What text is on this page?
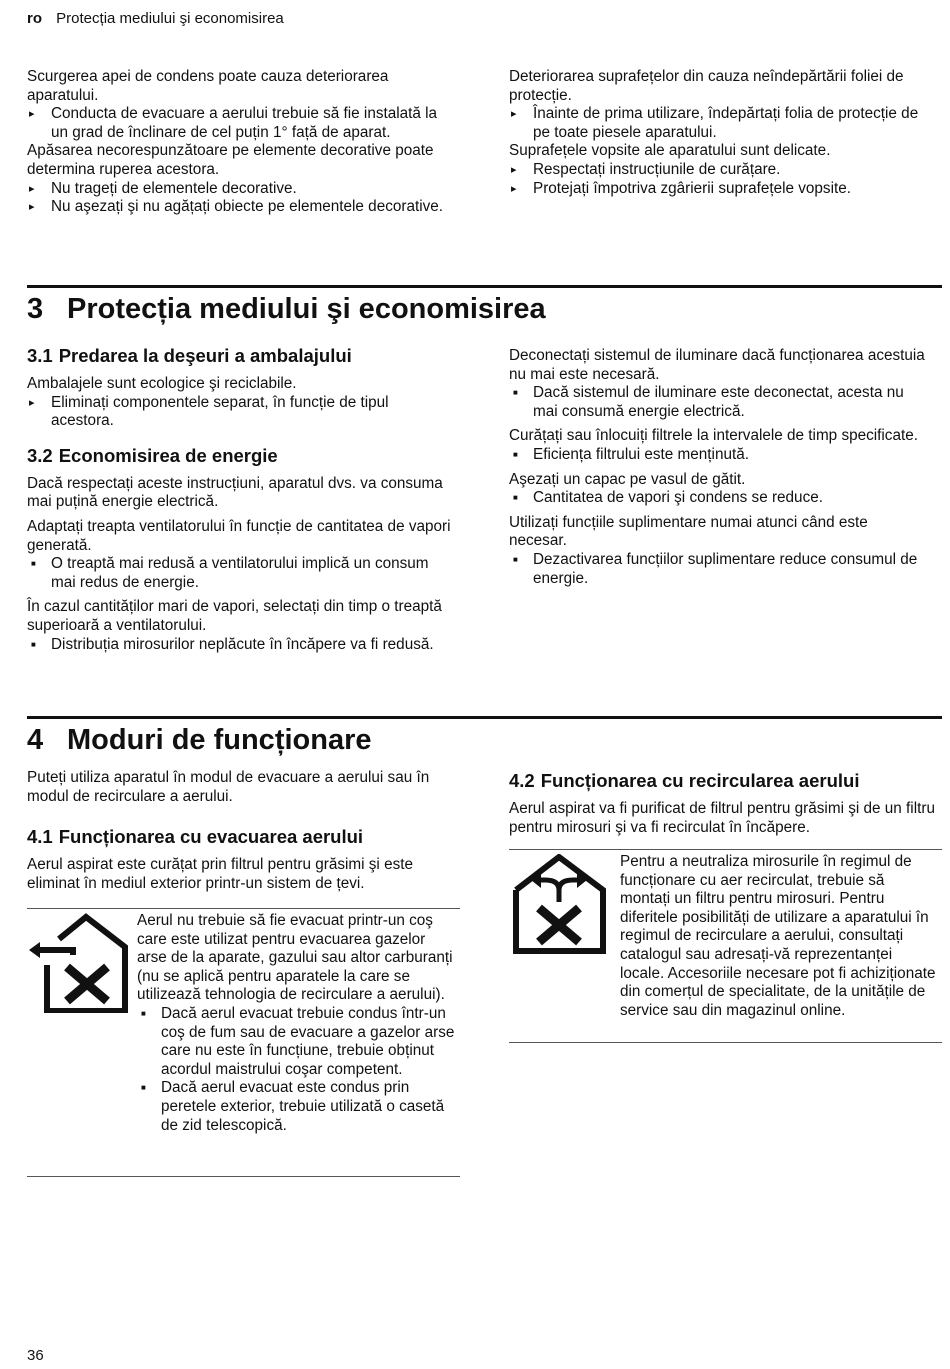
ro Protecția mediului şi economisirea

Scurgerea apei de condens poate cauza deteriorarea aparatului.

▸ Conducta de evacuare a aerului trebuie să fie instalată la un grad de înclinare de cel puțin 1° față de aparat.

Apăsarea necorespunzătoare pe elemente decorative poate determina ruperea acestora.

▸ Nu trageți de elementele decorative.

▸ Nu aşezați şi nu agățați obiecte pe elementele decorative.

Deteriorarea suprafețelor din cauza neîndepărtării foliei de protecție.

▸ Înainte de prima utilizare, îndepărtați folia de protecție de pe toate piesele aparatului.

Suprafețele vopsite ale aparatului sunt delicate.

▸ Respectați instrucțiunile de curățare.

▸ Protejați împotriva zgârierii suprafețele vopsite.

3 Protecția mediului şi economisirea
3.1 Predarea la deşeuri a ambalajului

Ambalajele sunt ecologice şi reciclabile.

▸ Eliminați componentele separat, în funcție de tipul acestora.

3.2 Economisirea de energie

Dacă respectați aceste instrucțiuni, aparatul dvs. va consuma mai puțină energie electrică.

Adaptați treapta ventilatorului în funcție de cantitatea de vapori generată.

■ O treaptă mai redusă a ventilatorului implică un consum mai redus de energie.

În cazul cantităților mari de vapori, selectați din timp o treaptă superioară a ventilatorului.

■ Distribuția mirosurilor neplăcute în încăpere va fi redusă.

Deconectați sistemul de iluminare dacă funcționarea acestuia nu mai este necesară.

■ Dacă sistemul de iluminare este deconectat, acesta nu mai consumă energie electrică.

Curățați sau înlocuiți filtrele la intervalele de timp specificate.

■ Eficiența filtrului este menținută.

Aşezați un capac pe vasul de gătit.

■ Cantitatea de vapori şi condens se reduce.

Utilizați funcțiile suplimentare numai atunci când este necesar.

■ Dezactivarea funcțiilor suplimentare reduce consumul de energie.

4 Moduri de funcționare

Puteți utiliza aparatul în modul de evacuare a aerului sau în modul de recirculare a aerului.

4.1 Funcționarea cu evacuarea aerului

Aerul aspirat este curățat prin filtrul pentru grăsimi şi este eliminat în mediul exterior printr-un sistem de țevi.

Aerul nu trebuie să fie evacuat printr-un coş care este utilizat pentru evacuarea gazelor arse de la aparate, gazului sau altor carburanți (nu se aplică pentru aparatele la care se utilizează tehnologia de recirculare a aerului).

■ Dacă aerul evacuat trebuie condus într-un coş de fum sau de evacuare a gazelor arse care nu este în funcțiune, trebuie obținut acordul maistrului coşar competent.

■ Dacă aerul evacuat este condus prin peretele exterior, trebuie utilizată o casetă de zid telescopică.

4.2 Funcționarea cu recircularea aerului

Aerul aspirat va fi purificat de filtrul pentru grăsimi şi de un filtru pentru mirosuri şi va fi recirculat în încăpere.

Pentru a neutraliza mirosurile în regimul de funcționare cu aer recirculat, trebuie să montați un filtru pentru mirosuri. Pentru diferitele posibilități de utilizare a aparatului în regimul de recirculare a aerului, consultați catalogul sau adresați-vă reprezentanței locale. Accesoriile necesare pot fi achiziționate din comerțul de specialitate, de la unitățile de service sau din magazinul online.

36
